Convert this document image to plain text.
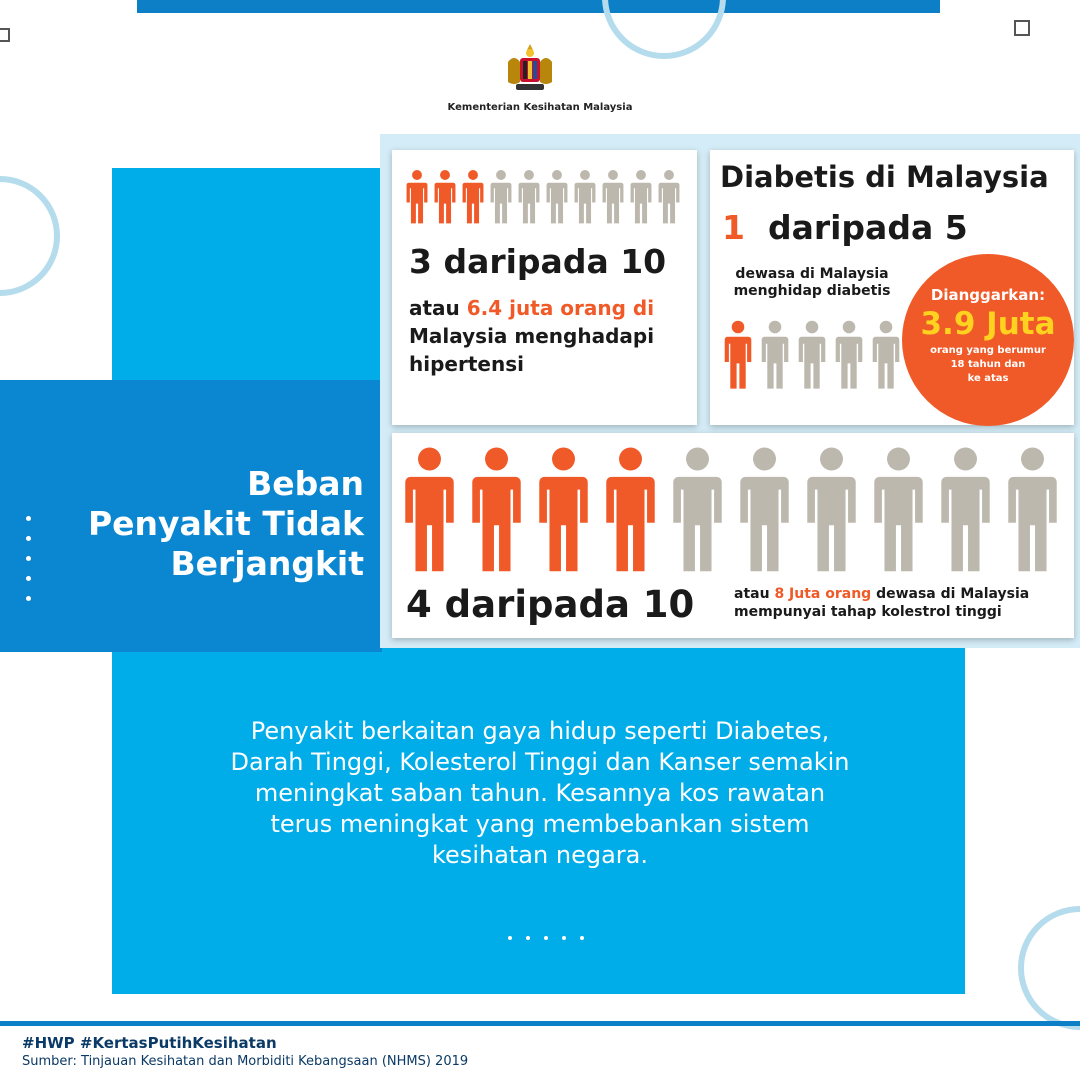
Kementerian Kesihatan Malaysia
3 daripada 10
atau 6.4 juta orang di
Malaysia menghadapi
hipertensi
Diabetis di Malaysia
1 daripada 5
dewasa di Malaysia
menghidap diabetis	Dianggarkan:
3.9 Juta
orang yang berumur
18 tahun dan
ke atas
4 daripada 10	atau 8 Juta orang dewasa di Malaysia
mempunyai tahap kolestrol tinggi
Beban
Penyakit Tidak
Berjangkit
Penyakit berkaitan gaya hidup seperti Diabetes,
Darah Tinggi, Kolesterol Tinggi dan Kanser semakin
meningkat saban tahun. Kesannya kos rawatan
terus meningkat yang membebankan sistem
kesihatan negara.
#HWP #KertasPutihKesihatan
Sumber: Tinjauan Kesihatan dan Morbiditi Kebangsaan (NHMS) 2019
